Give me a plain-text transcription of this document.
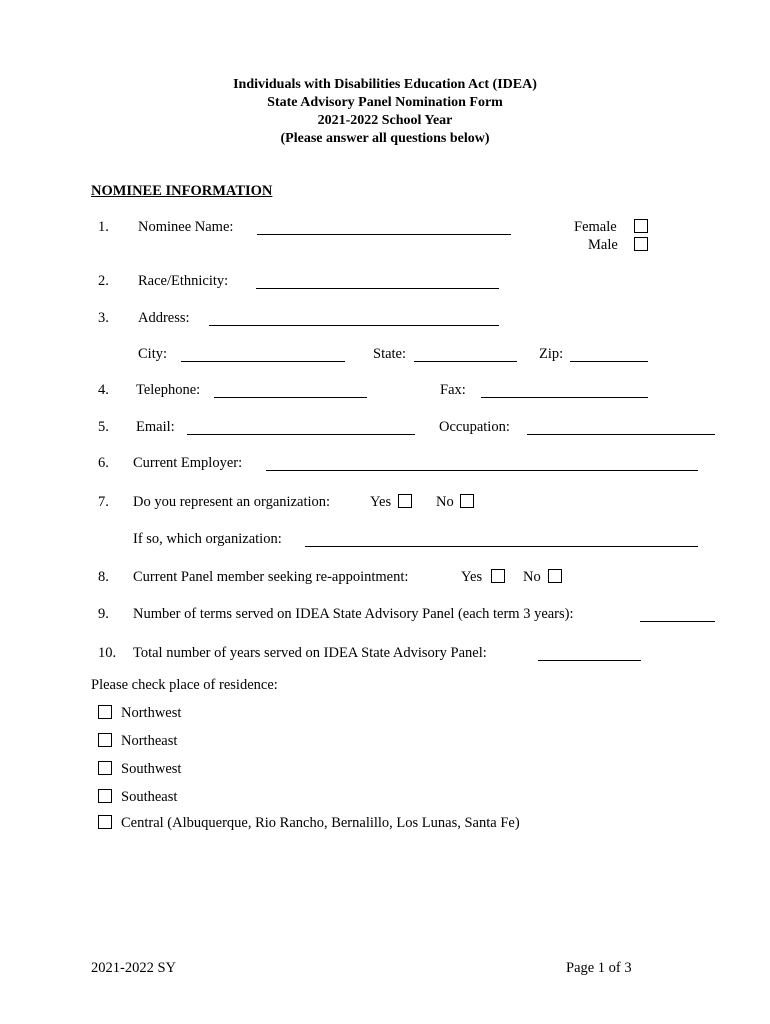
Individuals with Disabilities Education Act (IDEA)
State Advisory Panel Nomination Form
2021-2022 School Year
(Please answer all questions below)
NOMINEE INFORMATION
1. Nominee Name:	Female
Male
2. Race/Ethnicity:
3. Address:
City:	State:	Zip:
4. Telephone:	Fax:
5. Email:	Occupation:
6. Current Employer:
7. Do you represent an organization:	Yes	No
If so, which organization:
8. Current Panel member seeking re-appointment:	Yes	No
9. Number of terms served on IDEA State Advisory Panel (each term 3 years):
10. Total number of years served on IDEA State Advisory Panel:
Please check place of residence:
Northwest
Northeast
Southwest
Southeast
Central (Albuquerque, Rio Rancho, Bernalillo, Los Lunas, Santa Fe)
2021-2022 SY	Page 1 of 3
